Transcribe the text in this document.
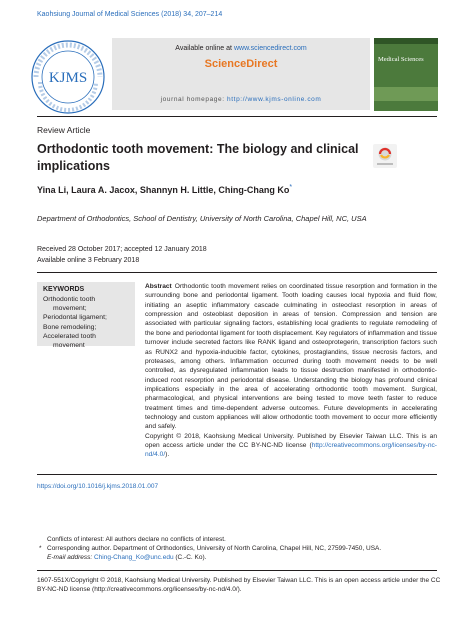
Kaohsiung Journal of Medical Sciences (2018) 34, 207–214
KJMS
Available online at www.sciencedirect.com
ScienceDirect
journal homepage: http://www.kjms-online.com
Medical Sciences
Review Article
Orthodontic tooth movement: The biology and clinical implications
Yina Li, Laura A. Jacox, Shannyn H. Little, Ching-Chang Ko*
Department of Orthodontics, School of Dentistry, University of North Carolina, Chapel Hill, NC, USA
Received 28 October 2017; accepted 12 January 2018
Available online 3 February 2018
KEYWORDS
Orthodontic tooth
movement;
Periodontal ligament;
Bone remodeling;
Accelerated tooth
movement
Abstract Orthodontic tooth movement relies on coordinated tissue resorption and formation in the surrounding bone and periodontal ligament. Tooth loading causes local hypoxia and fluid flow, initiating an aseptic inflammatory cascade culminating in osteoclast resorption in areas of compression and osteoblast deposition in areas of tension. Compression and tension are associated with particular signaling factors, establishing local gradients to regulate remodeling of the bone and periodontal ligament for tooth displacement. Key regulators of inflammation and tissue turnover include secreted factors like RANK ligand and osteoprotegerin, transcription factors such as RUNX2 and hypoxia-inducible factor, cytokines, prostaglandins, tissue necrosis factors, and proteases, among others. Inflammation occurred during tooth movement needs to be well controlled, as dysregulated inflammation leads to tissue destruction manifested in orthodontic-induced root resorption and periodontal disease. Understanding the biology has profound clinical implications especially in the area of accelerating orthodontic tooth movement. Surgical, pharmacological, and physical interventions are being tested to move teeth faster to reduce treatment times and time-dependent adverse outcomes. Future developments in accelerating technology and custom appliances will allow orthodontic tooth movement to occur more efficiently and safely.
Copyright © 2018, Kaohsiung Medical University. Published by Elsevier Taiwan LLC. This is an open access article under the CC BY-NC-ND license (http://creativecommons.org/licenses/by-nc-nd/4.0/).
https://doi.org/10.1016/j.kjms.2018.01.007
Conflicts of interest: All authors declare no conflicts of interest.
* Corresponding author. Department of Orthodontics, University of North Carolina, Chapel Hill, NC, 27599-7450, USA.
E-mail address: Ching-Chang_Ko@unc.edu (C.-C. Ko).
1607-551X/Copyright © 2018, Kaohsiung Medical University. Published by Elsevier Taiwan LLC. This is an open access article under the CC BY-NC-ND license (http://creativecommons.org/licenses/by-nc-nd/4.0/).
